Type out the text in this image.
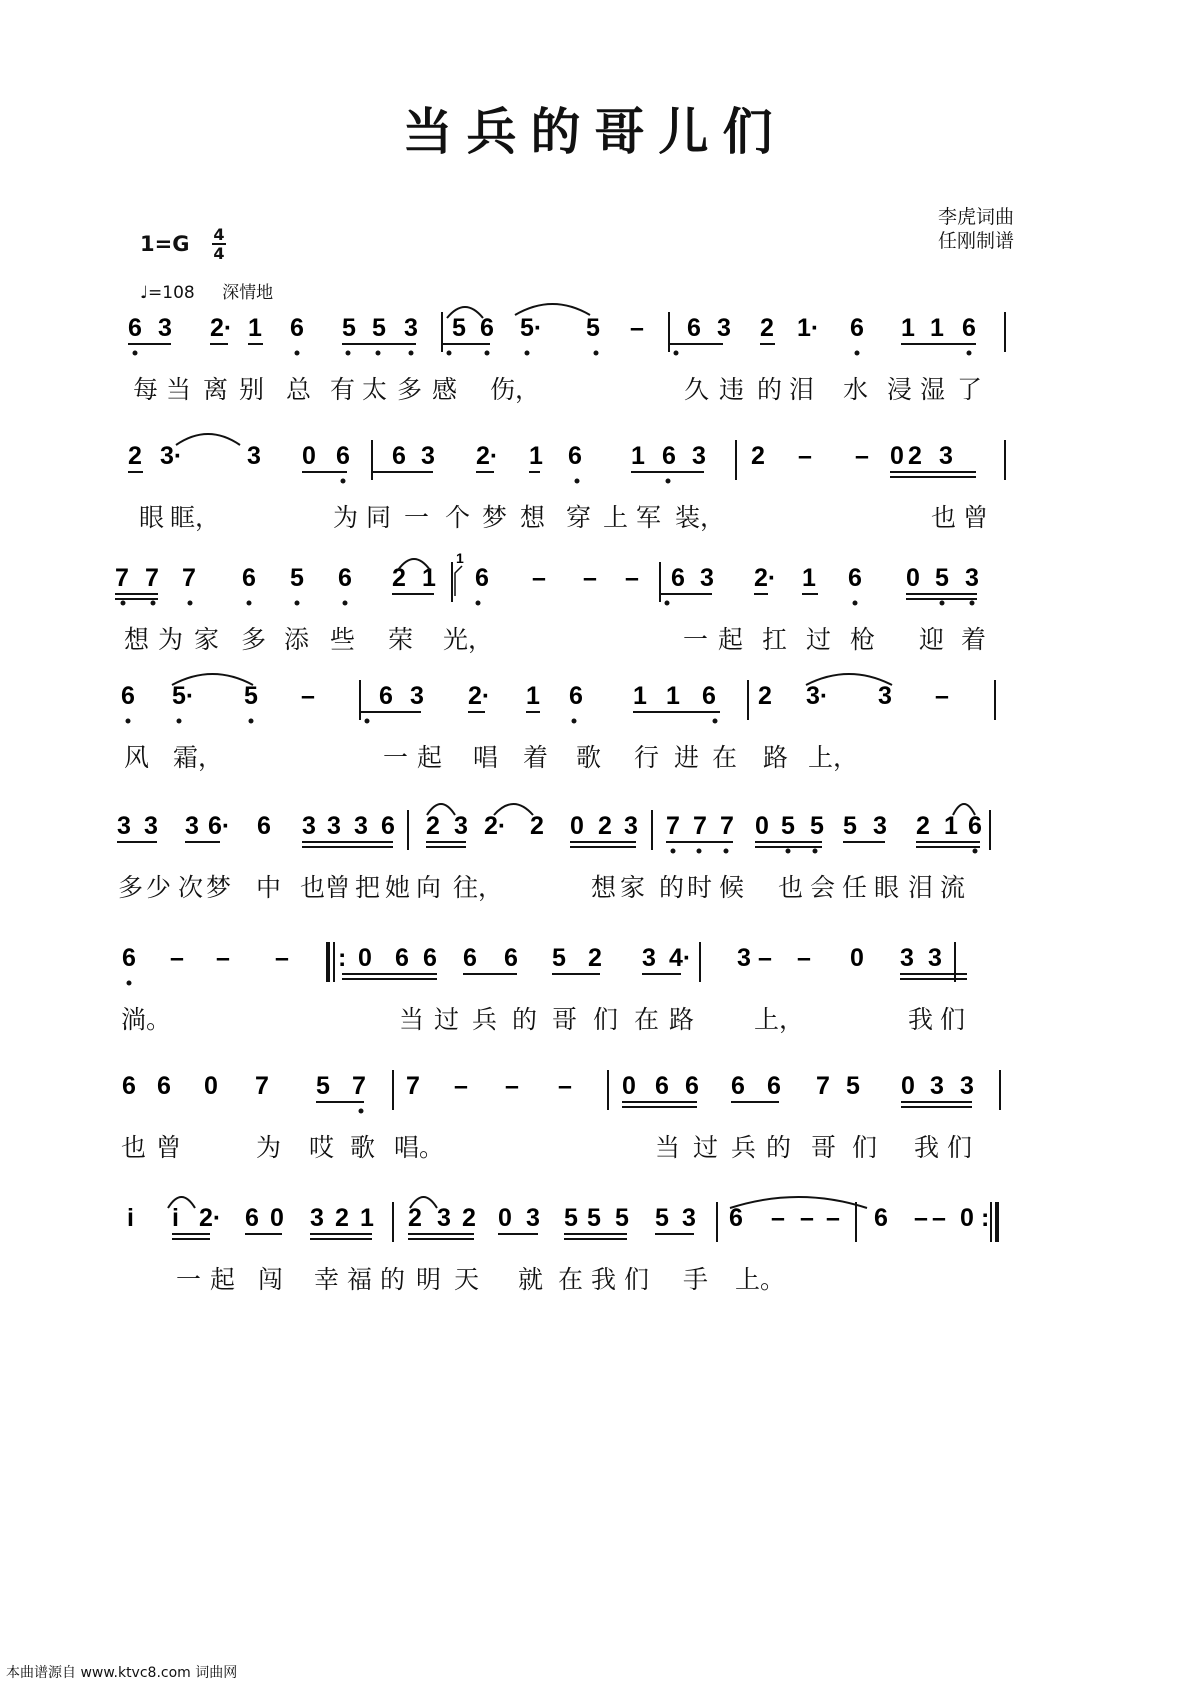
当兵的哥儿们
李虎词曲
任刚制谱
1=G 4
4
♩=108 深情地
6 3 2· 1 6 5 5 3 5 6 5· 5 – 6 3 2 1· 6 1 1 6
每 当 离 别 总 有 太 多 感 伤，	久 违 的 泪 水 浸 湿 了
2 3·	3 0 6 6 3 2· 1 6 1 6 3 2 – – 0 2 3
眼 眶，	为 同 一 个 梦 想 穿 上 军 装，	也 曾
7 7 7 6 5 6 2 1 6 – – – 6 3 2· 1 6 0 5 3
想 为 家 多 添 些 荣 光，	一 起 扛 过 枪 迎 着
6 5· 5 –	6 3 2· 1 6 1 1 6 2 3· 3 –
风 霜，	一 起 唱 着 歌 行 进 在 路 上，
3 3 3 6· 6 3 3 3 6 2 3 2· 2 0 2 3 7 7 7 0 5 5 5 3 2 1 6
多 少 次 梦 中 也 曾 把 她 向 往，	想 家 的 时 候 也 会 任 眼 泪 流
6 – – – : 0 6 6 6 6 5 2 3 4· 3 – – 0 3 3
淌。	当 过 兵 的 哥 们 在 路 上，	我 们
6 6 0 7 5 7 7 – – – 0 6 6 6 6 7 5 0 3 3
也 曾	为 哎 歌 唱。	当 过 兵 的 哥 们 我 们
i i 2· 6 0 3 2 1 2 3 2 0 3 5 5 5 5 3 6 – – – 6 – – 0 :
一 起 闯 幸 福 的 明 天 就 在 我 们 手 上。
1
本曲谱源自 www.ktvc8.com 词曲网
